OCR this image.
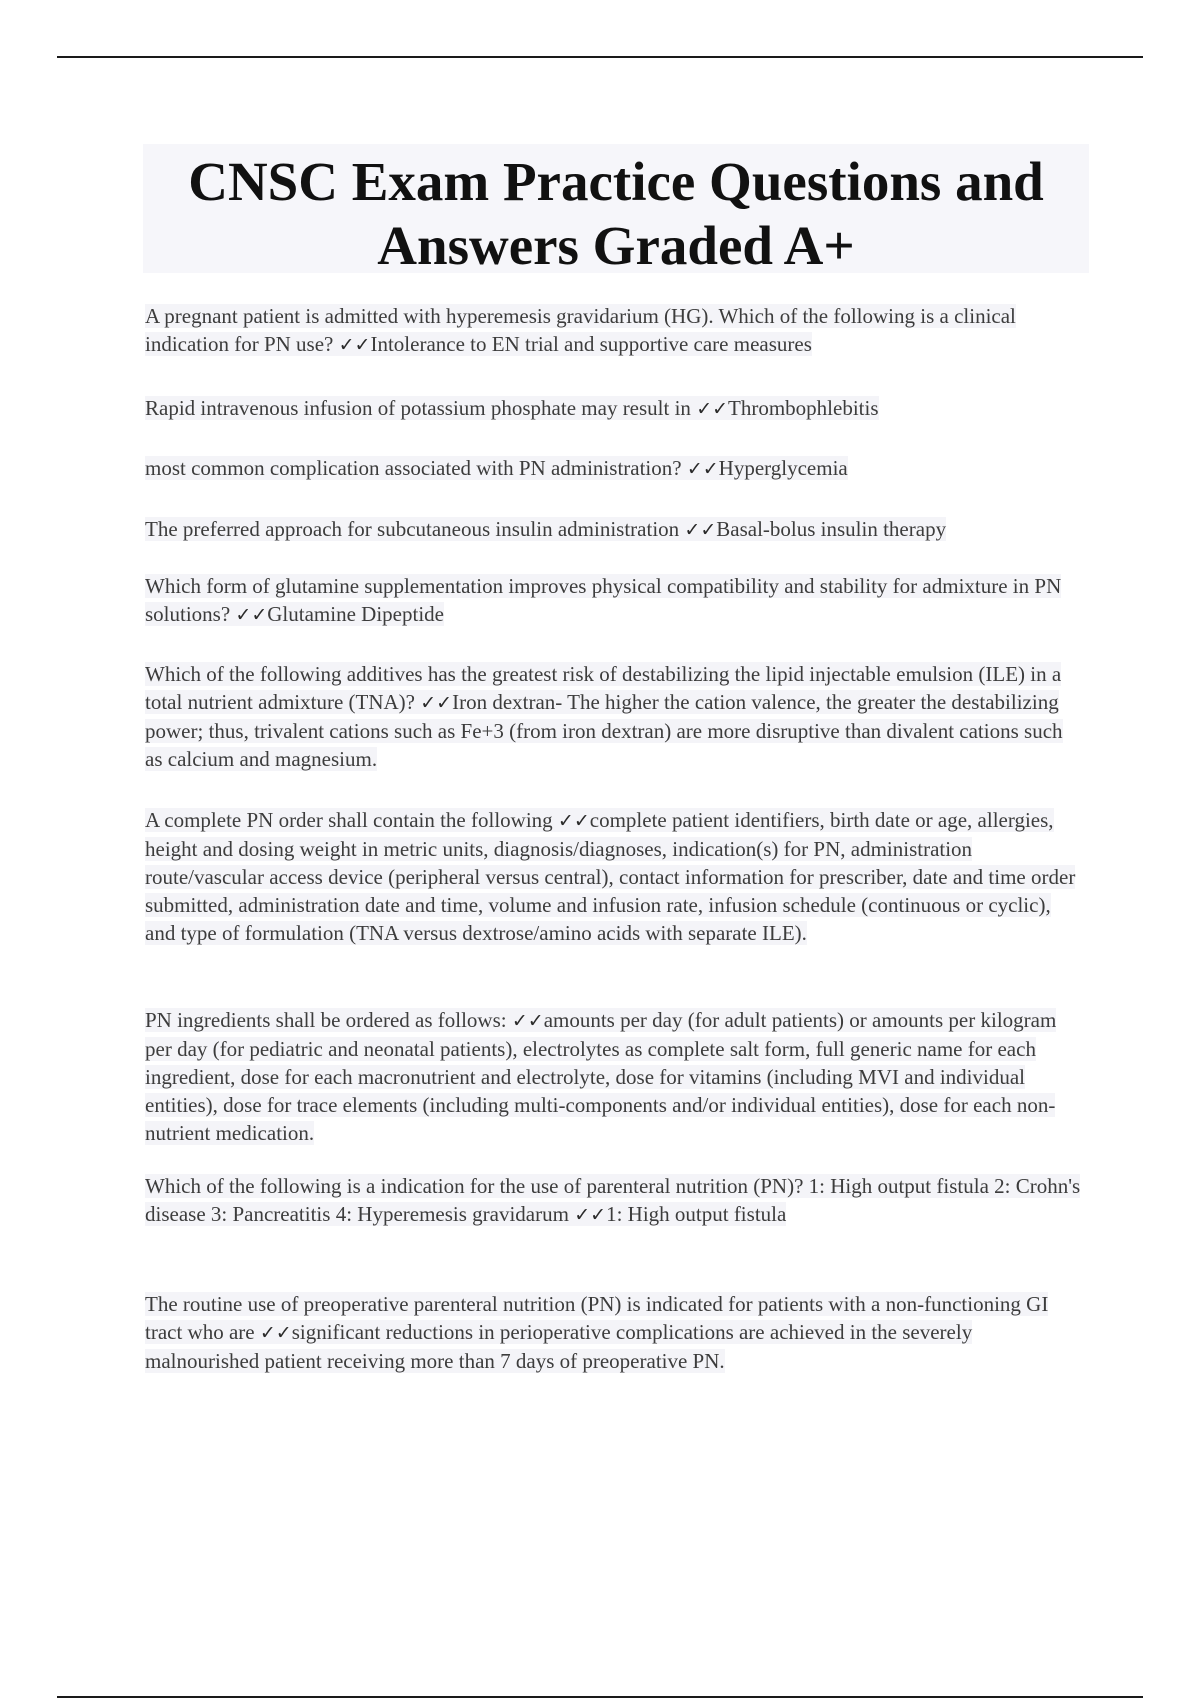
CNSC Exam Practice Questions and
Answers Graded A+

A pregnant patient is admitted with hyperemesis gravidarium (HG). Which of the following is a clinical indication for PN use? ✓✓Intolerance to EN trial and supportive care measures

Rapid intravenous infusion of potassium phosphate may result in ✓✓Thrombophlebitis

most common complication associated with PN administration? ✓✓Hyperglycemia

The preferred approach for subcutaneous insulin administration ✓✓Basal-bolus insulin therapy

Which form of glutamine supplementation improves physical compatibility and stability for admixture in PN solutions? ✓✓Glutamine Dipeptide

Which of the following additives has the greatest risk of destabilizing the lipid injectable emulsion (ILE) in a total nutrient admixture (TNA)? ✓✓Iron dextran- The higher the cation valence, the greater the destabilizing power; thus, trivalent cations such as Fe+3 (from iron dextran) are more disruptive than divalent cations such as calcium and magnesium.

A complete PN order shall contain the following ✓✓complete patient identifiers, birth date or age, allergies, height and dosing weight in metric units, diagnosis/diagnoses, indication(s) for PN, administration route/vascular access device (peripheral versus central), contact information for prescriber, date and time order submitted, administration date and time, volume and infusion rate, infusion schedule (continuous or cyclic), and type of formulation (TNA versus dextrose/amino acids with separate ILE).

PN ingredients shall be ordered as follows: ✓✓amounts per day (for adult patients) or amounts per kilogram per day (for pediatric and neonatal patients), electrolytes as complete salt form, full generic name for each ingredient, dose for each macronutrient and electrolyte, dose for vitamins (including MVI and individual entities), dose for trace elements (including multi-components and/or individual entities), dose for each non-nutrient medication.

Which of the following is a indication for the use of parenteral nutrition (PN)? 1: High output fistula 2: Crohn's disease 3: Pancreatitis 4: Hyperemesis gravidarum ✓✓1: High output fistula

The routine use of preoperative parenteral nutrition (PN) is indicated for patients with a non-functioning GI tract who are ✓✓significant reductions in perioperative complications are achieved in the severely malnourished patient receiving more than 7 days of preoperative PN.
